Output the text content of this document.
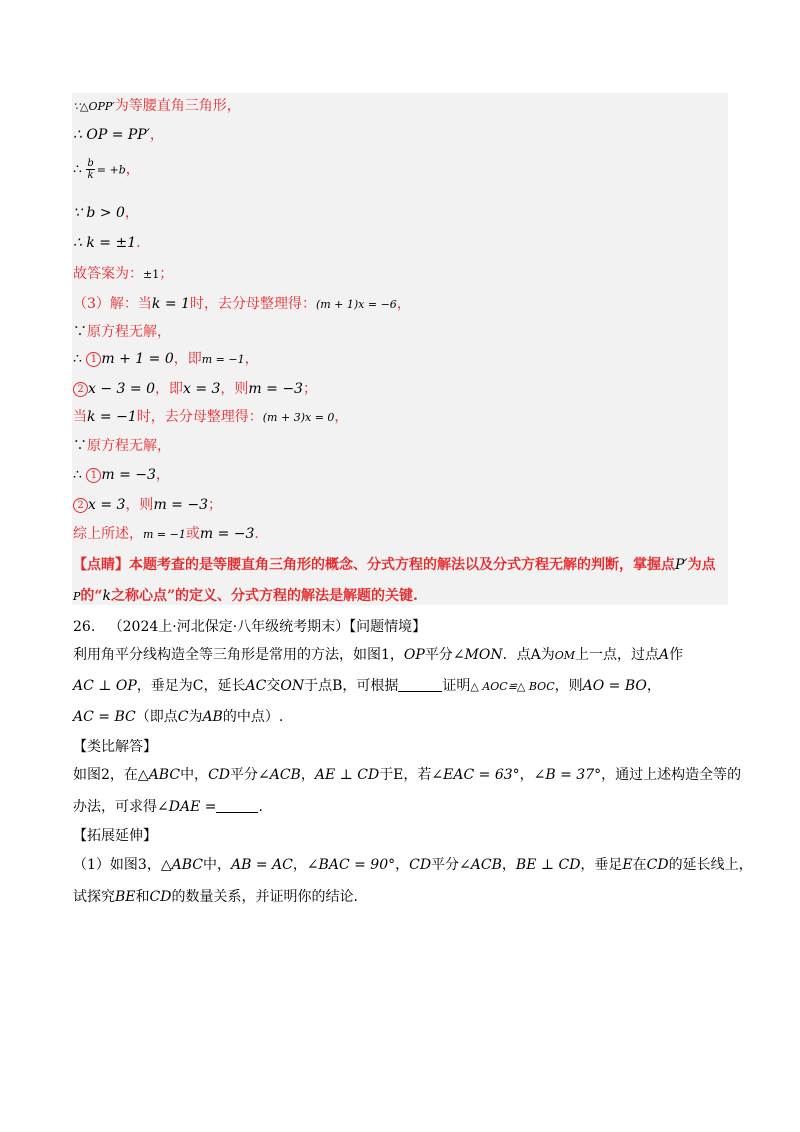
∵△OPP′为等腰直角三角形，
∴ OP = PP′，
∴ $\frac{b}{k} = +b$，
∵ b > 0，
∴ k = ±1.
故答案为：±1；
（3）解：当k = 1时，去分母整理得：(m + 1)x = −6，
∵原方程无解，
∴ 1 m + 1 = 0，即m = −1，
2 x − 3 = 0，即x = 3，则m = −3；
当k = −1时，去分母整理得：(m + 3)x = 0，
∵原方程无解，
∴ 1 m = −3，
2 x = 3，则m = −3；
综上所述，m = −1或m = −3.
【点睛】本题考查的是等腰直角三角形的概念、分式方程的解法以及分式方程无解的判断，掌握点P′为点
P的“k之称心点”的定义、分式方程的解法是解题的关键.
26. （2024上·河北保定·八年级统考期末）【问题情境】
利用角平分线构造全等三角形是常用的方法，如图1，OP平分∠MON．点A为OM上一点，过点A作
AC ⊥ OP，垂足为C，延长AC交ON于点B，可根据	证明△ AOC≌△ BOC，则AO = BO，
AC = BC（即点C为AB的中点）.
【类比解答】
如图2，在△ABC中，CD平分∠ACB，AE ⊥ CD于E，若∠EAC = 63°，∠B = 37°，通过上述构造全等的
办法，可求得∠DAE =	.
【拓展延伸】
（1）如图3，△ABC中，AB = AC，∠BAC = 90°，CD平分∠ACB，BE ⊥ CD，垂足E在CD的延长线上，
试探究BE和CD的数量关系，并证明你的结论.
